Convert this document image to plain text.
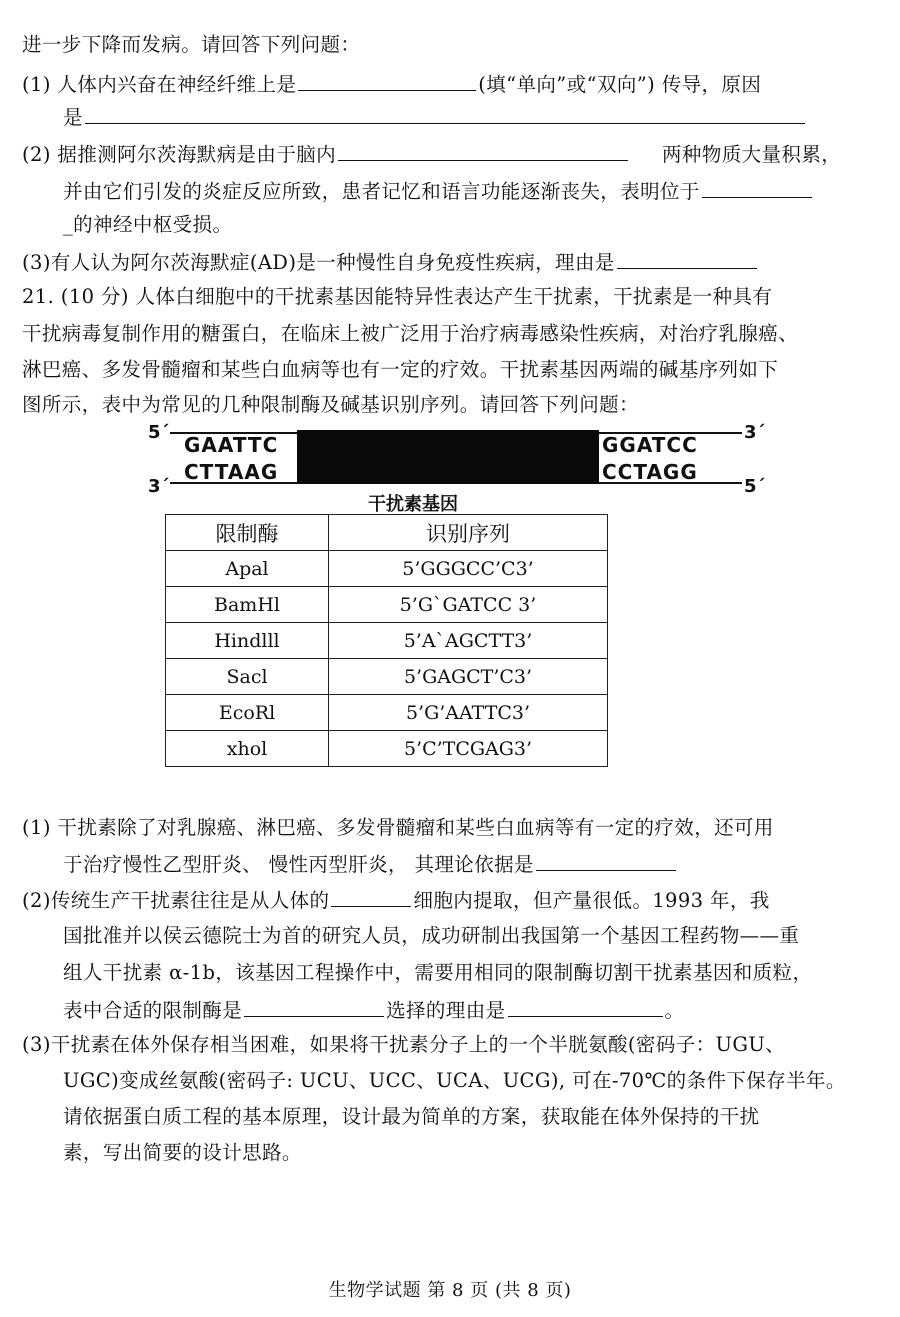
进一步下降而发病。请回答下列问题：
(1) 人体内兴奋在神经纤维上是	(填“单向”或“双向”) 传导，原因
是
(2) 据推测阿尔茨海默病是由于脑内	两种物质大量积累，
并由它们引发的炎症反应所致，患者记忆和语言功能逐渐丧失，表明位于
_的神经中枢受损。
(3)有人认为阿尔茨海默症(AD)是一种慢性自身免疫性疾病，理由是
21. (10 分) 人体白细胞中的干扰素基因能特异性表达产生干扰素，干扰素是一种具有
干扰病毒复制作用的糖蛋白，在临床上被广泛用于治疗病毒感染性疾病，对治疗乳腺癌、
淋巴癌、多发骨髓瘤和某些白血病等也有一定的疗效。干扰素基因两端的碱基序列如下
图所示，表中为常见的几种限制酶及碱基识别序列。请回答下列问题：
5´	3´
3´	5´
GAATTC
CTTAAG
GGATCC
CCTAGG
干扰素基因
限制酶	识别序列
Apal	5’GGGCC’C3’
BamHl	5’G`GATCC 3’
Hindlll	5’A`AGCTT3’
Sacl	5’GAGCT’C3’
EcoRl	5’G’AATTC3’
xhol	5’C’TCGAG3’
(1) 干扰素除了对乳腺癌、淋巴癌、多发骨髓瘤和某些白血病等有一定的疗效，还可用
于治疗慢性乙型肝炎、 慢性丙型肝炎， 其理论依据是
(2)传统生产干扰素往往是从人体的	细胞内提取，但产量很低。1993 年，我
国批准并以侯云德院士为首的研究人员，成功研制出我国第一个基因工程药物——重
组人干扰素 α-1b，该基因工程操作中，需要用相同的限制酶切割干扰素基因和质粒，
表中合适的限制酶是	选择的理由是	。
(3)干扰素在体外保存相当困难，如果将干扰素分子上的一个半胱氨酸(密码子：UGU、
UGC)变成丝氨酸(密码子: UCU、UCC、UCA、UCG), 可在-70℃的条件下保存半年。
请依据蛋白质工程的基本原理，设计最为简单的方案，获取能在体外保持的干扰
素，写出简要的设计思路。
生物学试题 第 8 页 (共 8 页)
